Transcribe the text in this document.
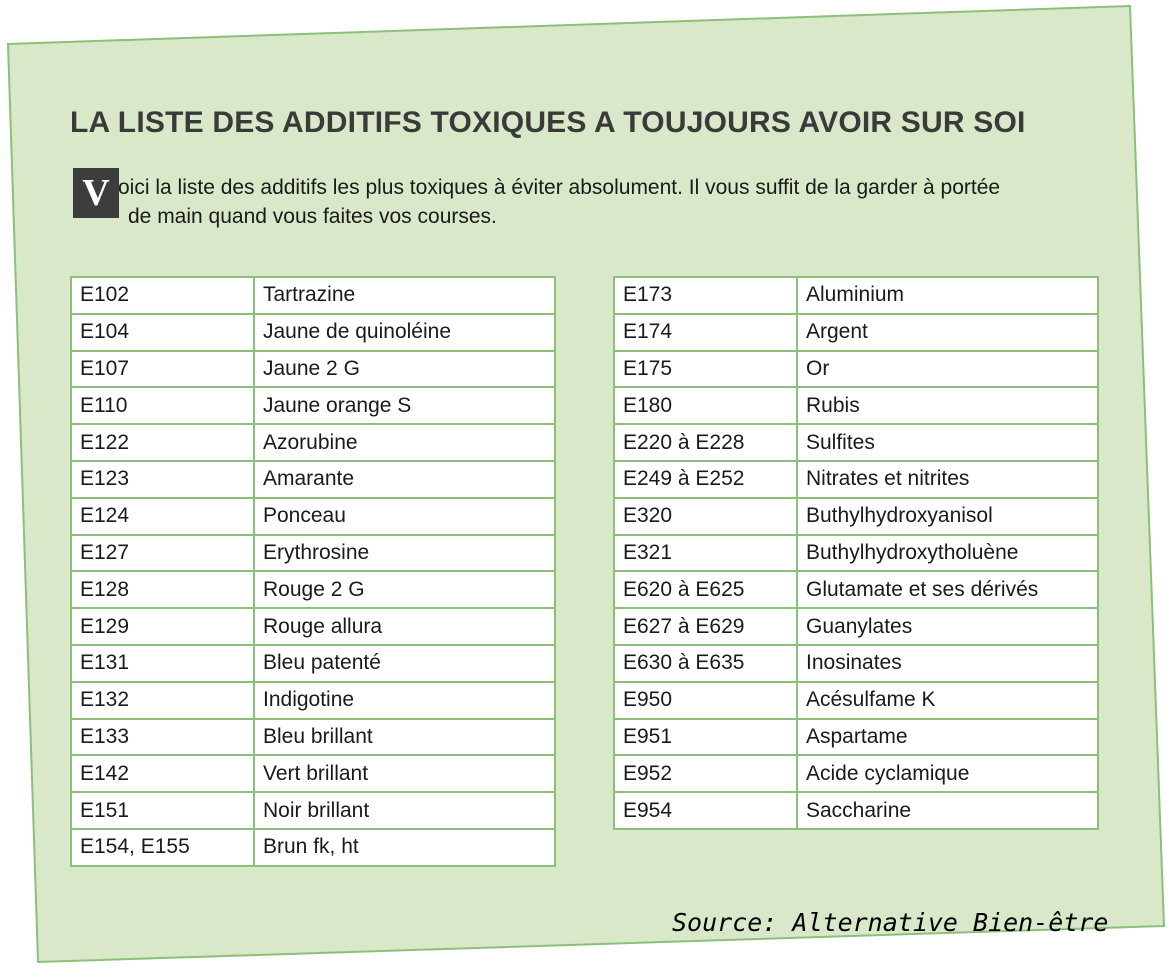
LA LISTE DES ADDITIFS TOXIQUES A TOUJOURS AVOIR SUR SOI
V oici la liste des additifs les plus toxiques à éviter absolument. Il vous suffit de la garder à portée
de main quand vous faites vos courses.
E102	Tartrazine
E104	Jaune de quinoléine
E107	Jaune 2 G
E110	Jaune orange S
E122	Azorubine
E123	Amarante
E124	Ponceau
E127	Erythrosine
E128	Rouge 2 G
E129	Rouge allura
E131	Bleu patenté
E132	Indigotine
E133	Bleu brillant
E142	Vert brillant
E151	Noir brillant
E154, E155	Brun fk, ht
E173	Aluminium
E174	Argent
E175	Or
E180	Rubis
E220 à E228	Sulfites
E249 à E252	Nitrates et nitrites
E320	Buthylhydroxyanisol
E321	Buthylhydroxytholuène
E620 à E625	Glutamate et ses dérivés
E627 à E629	Guanylates
E630 à E635	Inosinates
E950	Acésulfame K
E951	Aspartame
E952	Acide cyclamique
E954	Saccharine
Source: Alternative Bien-être
